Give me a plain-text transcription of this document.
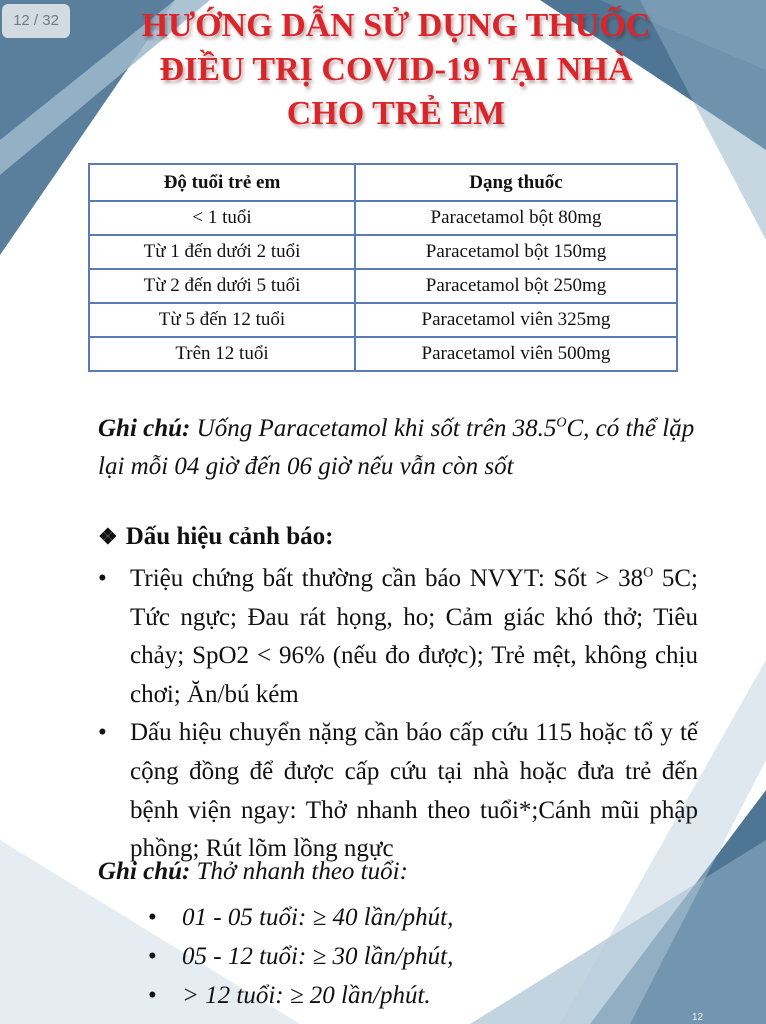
12 / 32	HƯỚNG DẪN SỬ DỤNG THUỐC
ĐIỀU TRỊ COVID-19 TẠI NHÀ
CHO TRẺ EM
Độ tuổi trẻ em	Dạng thuốc
< 1 tuổi	Paracetamol bột 80mg
Từ 1 đến dưới 2 tuổi	Paracetamol bột 150mg
Từ 2 đến dưới 5 tuổi	Paracetamol bột 250mg
Từ 5 đến 12 tuổi	Paracetamol viên 325mg
Trên 12 tuổi	Paracetamol viên 500mg
Ghi chú: Uống Paracetamol khi sốt trên $38.5^OC$, có thể lặp lại mỗi 04 giờ đến 06 giờ nếu vẫn còn sốt
❖ Dấu hiệu cảnh báo:
• Triệu chứng bất thường cần báo NVYT: Sốt > $38^O$ 5C; Tức ngực; Đau rát họng, ho; Cảm giác khó thở; Tiêu chảy; SpO2 < 96% (nếu đo được); Trẻ mệt, không chịu chơi; Ăn/bú kém
• Dấu hiệu chuyển nặng cần báo cấp cứu 115 hoặc tổ y tế cộng đồng để được cấp cứu tại nhà hoặc đưa trẻ đến bệnh viện ngay: Thở nhanh theo tuổi*;Cánh mũi phập phồng; Rút lõm lồng ngực
Ghi chú: Thở nhanh theo tuổi:
• 01 - 05 tuổi: ≥ 40 lần/phút,
• 05 - 12 tuổi: ≥ 30 lần/phút,
• > 12 tuổi: ≥ 20 lần/phút.
12
